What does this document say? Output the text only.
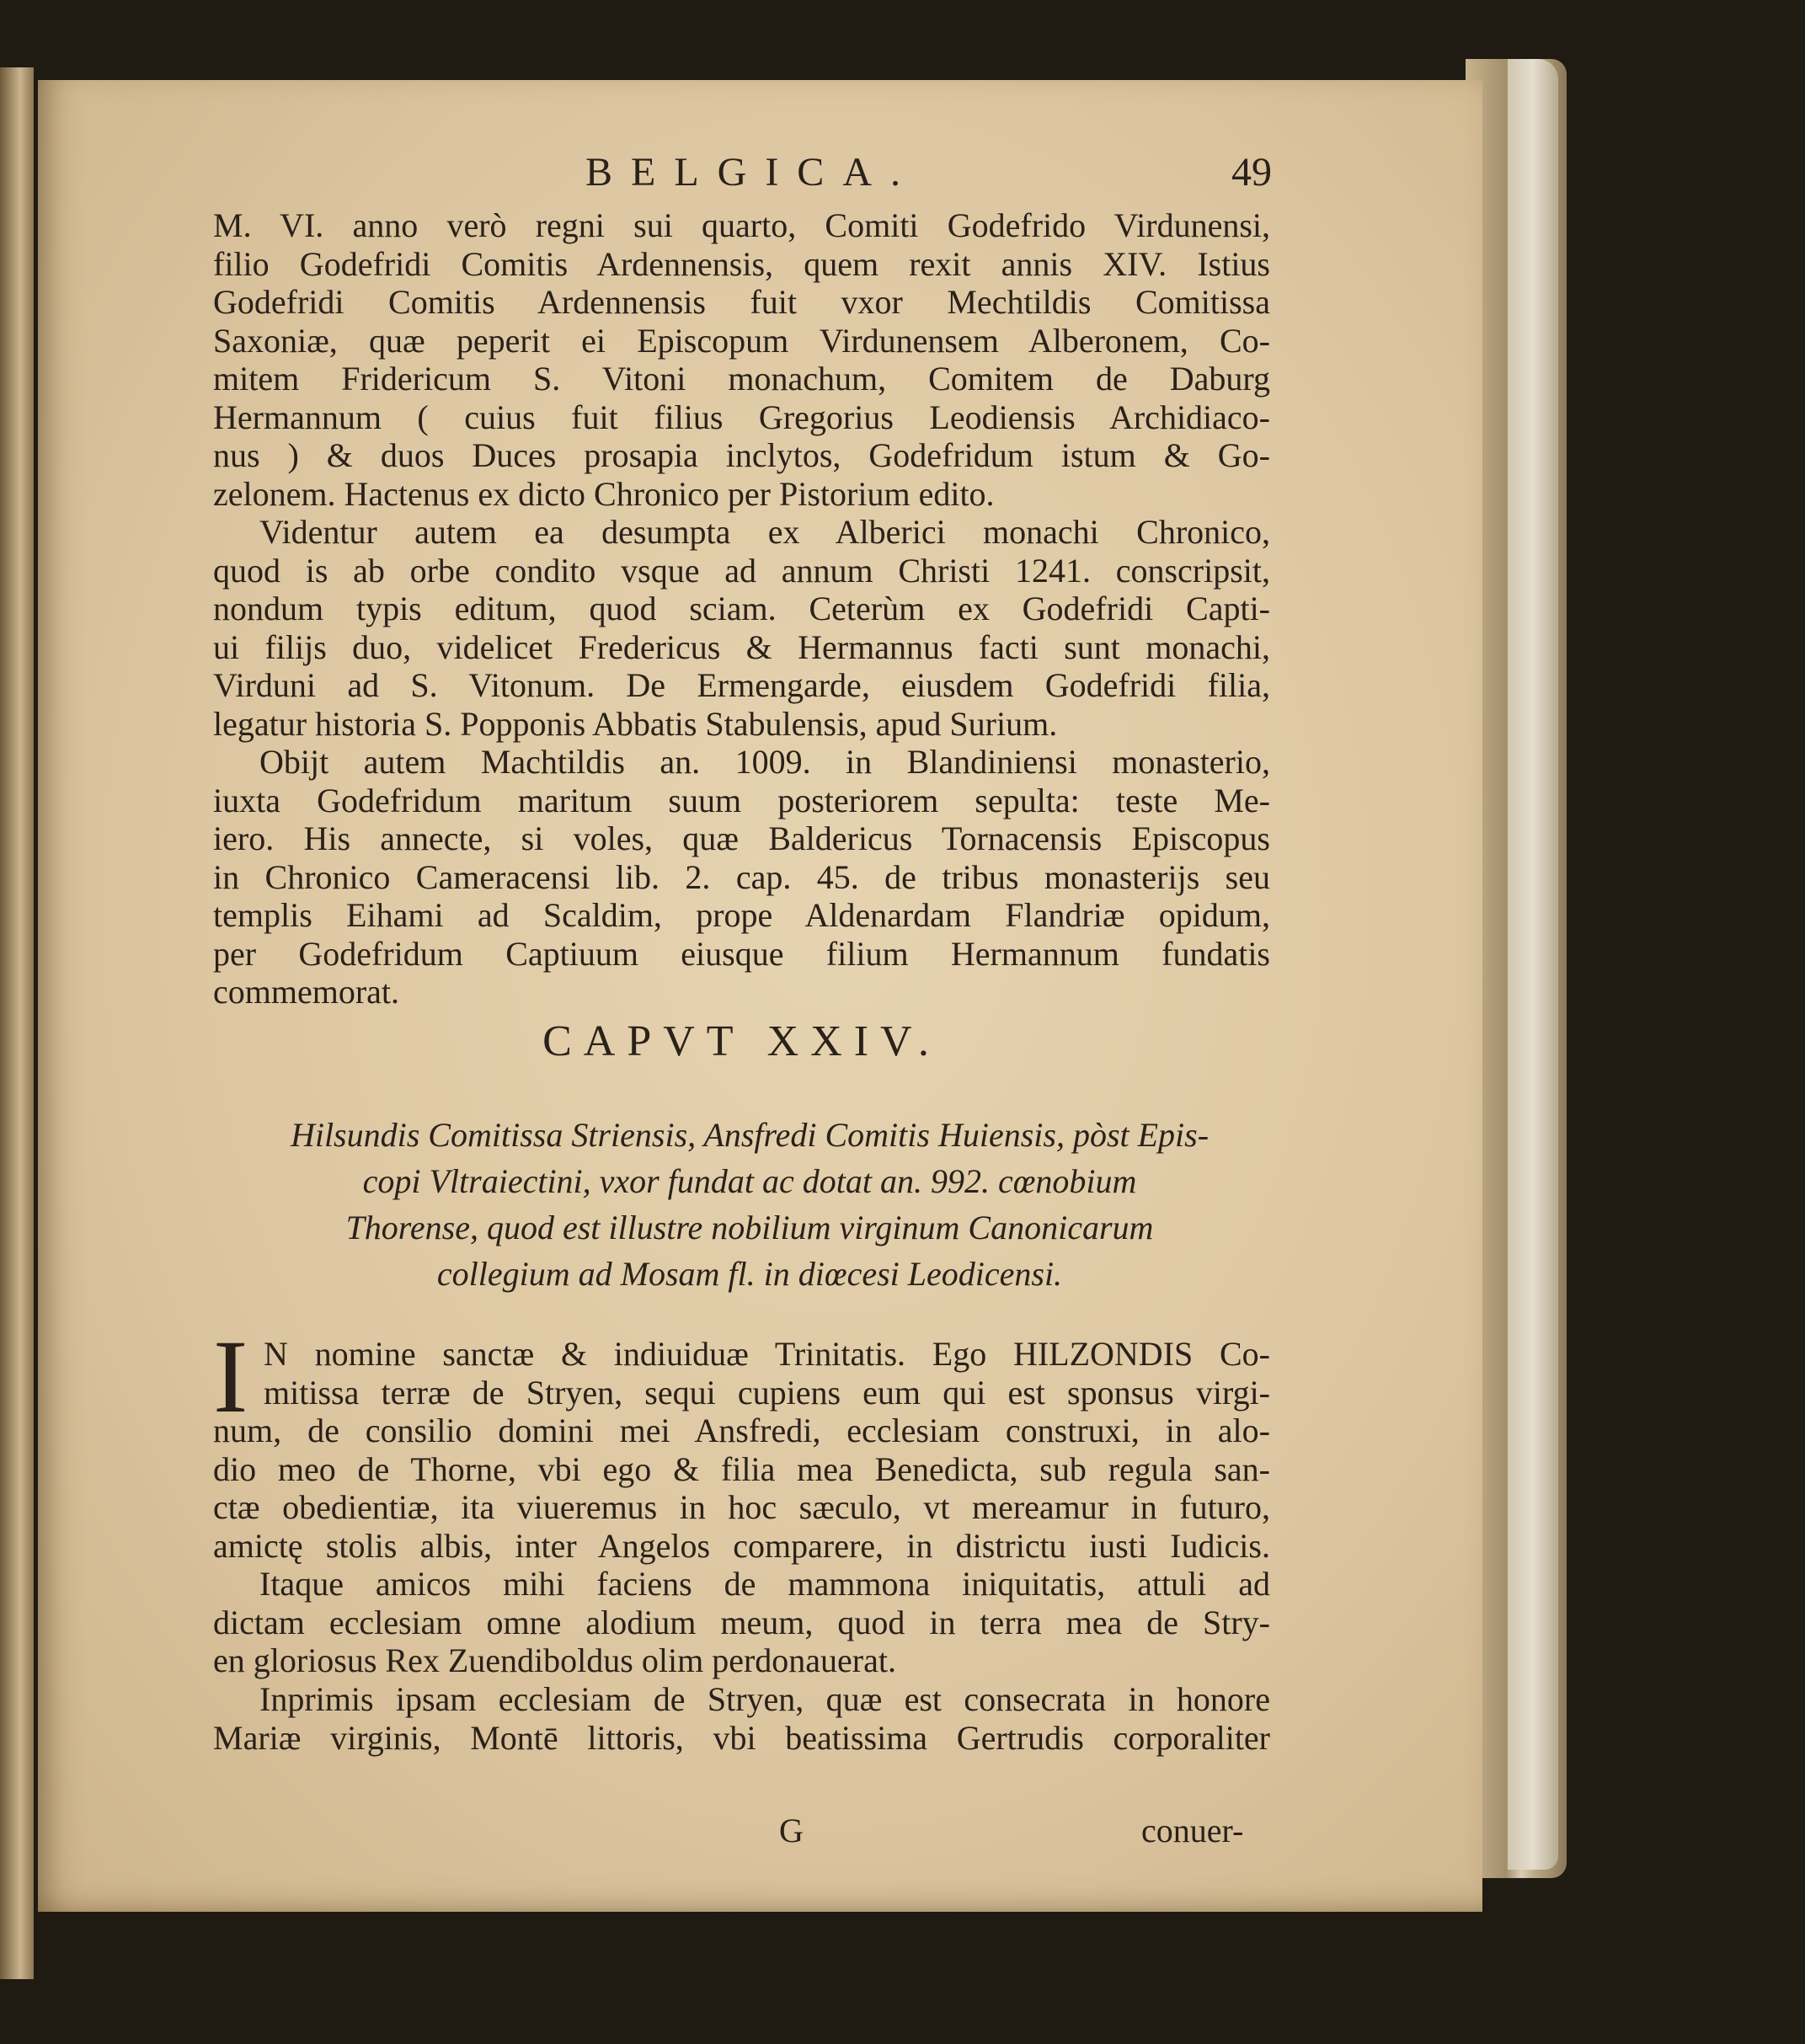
BELGICA.	49
M. VI. anno verò regni sui quarto, Comiti Godefrido Virdunensi,
filio Godefridi Comitis Ardennensis, quem rexit annis XIV. Istius
Godefridi Comitis Ardennensis fuit vxor Mechtildis Comitissa
Saxoniæ, quæ peperit ei Episcopum Virdunensem Alberonem, Co-
mitem Fridericum S. Vitoni monachum, Comitem de Daburg
Hermannum ( cuius fuit filius Gregorius Leodiensis Archidiaco-
nus ) & duos Duces prosapia inclytos, Godefridum istum & Go-
zelonem. Hactenus ex dicto Chronico per Pistorium edito.
Videntur autem ea desumpta ex Alberici monachi Chronico,
quod is ab orbe condito vsque ad annum Christi 1241. conscripsit,
nondum typis editum, quod sciam. Ceterùm ex Godefridi Capti-
ui filijs duo, videlicet Fredericus & Hermannus facti sunt monachi,
Virduni ad S. Vitonum. De Ermengarde, eiusdem Godefridi filia,
legatur historia S. Popponis Abbatis Stabulensis, apud Surium.
Obijt autem Machtildis an. 1009. in Blandiniensi monasterio,
iuxta Godefridum maritum suum posteriorem sepulta: teste Me-
iero. His annecte, si voles, quæ Baldericus Tornacensis Episcopus
in Chronico Cameracensi lib. 2. cap. 45. de tribus monasterijs seu
templis Eihami ad Scaldim, prope Aldenardam Flandriæ opidum,
per Godefridum Captiuum eiusque filium Hermannum fundatis
commemorat.
CAPVT XXIV.
Hilsundis Comitissa Striensis, Ansfredi Comitis Huiensis, pòst Epis-
copi Vltraiectini, vxor fundat ac dotat an. 992. cœnobium
Thorense, quod est illustre nobilium virginum Canonicarum
collegium ad Mosam fl. in diœcesi Leodicensi.
I N nomine sanctæ & indiuiduæ Trinitatis. Ego HILZONDIS Co-
mitissa terræ de Stryen, sequi cupiens eum qui est sponsus virgi-
num, de consilio domini mei Ansfredi, ecclesiam construxi, in alo-
dio meo de Thorne, vbi ego & filia mea Benedicta, sub regula san-
ctæ obedientiæ, ita viueremus in hoc sæculo, vt mereamur in futuro,
amictę stolis albis, inter Angelos comparere, in districtu iusti Iudicis.
Itaque amicos mihi faciens de mammona iniquitatis, attuli ad
dictam ecclesiam omne alodium meum, quod in terra mea de Stry-
en gloriosus Rex Zuendiboldus olim perdonauerat.
Inprimis ipsam ecclesiam de Stryen, quæ est consecrata in honore
Mariæ virginis, Montē littoris, vbi beatissima Gertrudis corporaliter
G	conuer-
